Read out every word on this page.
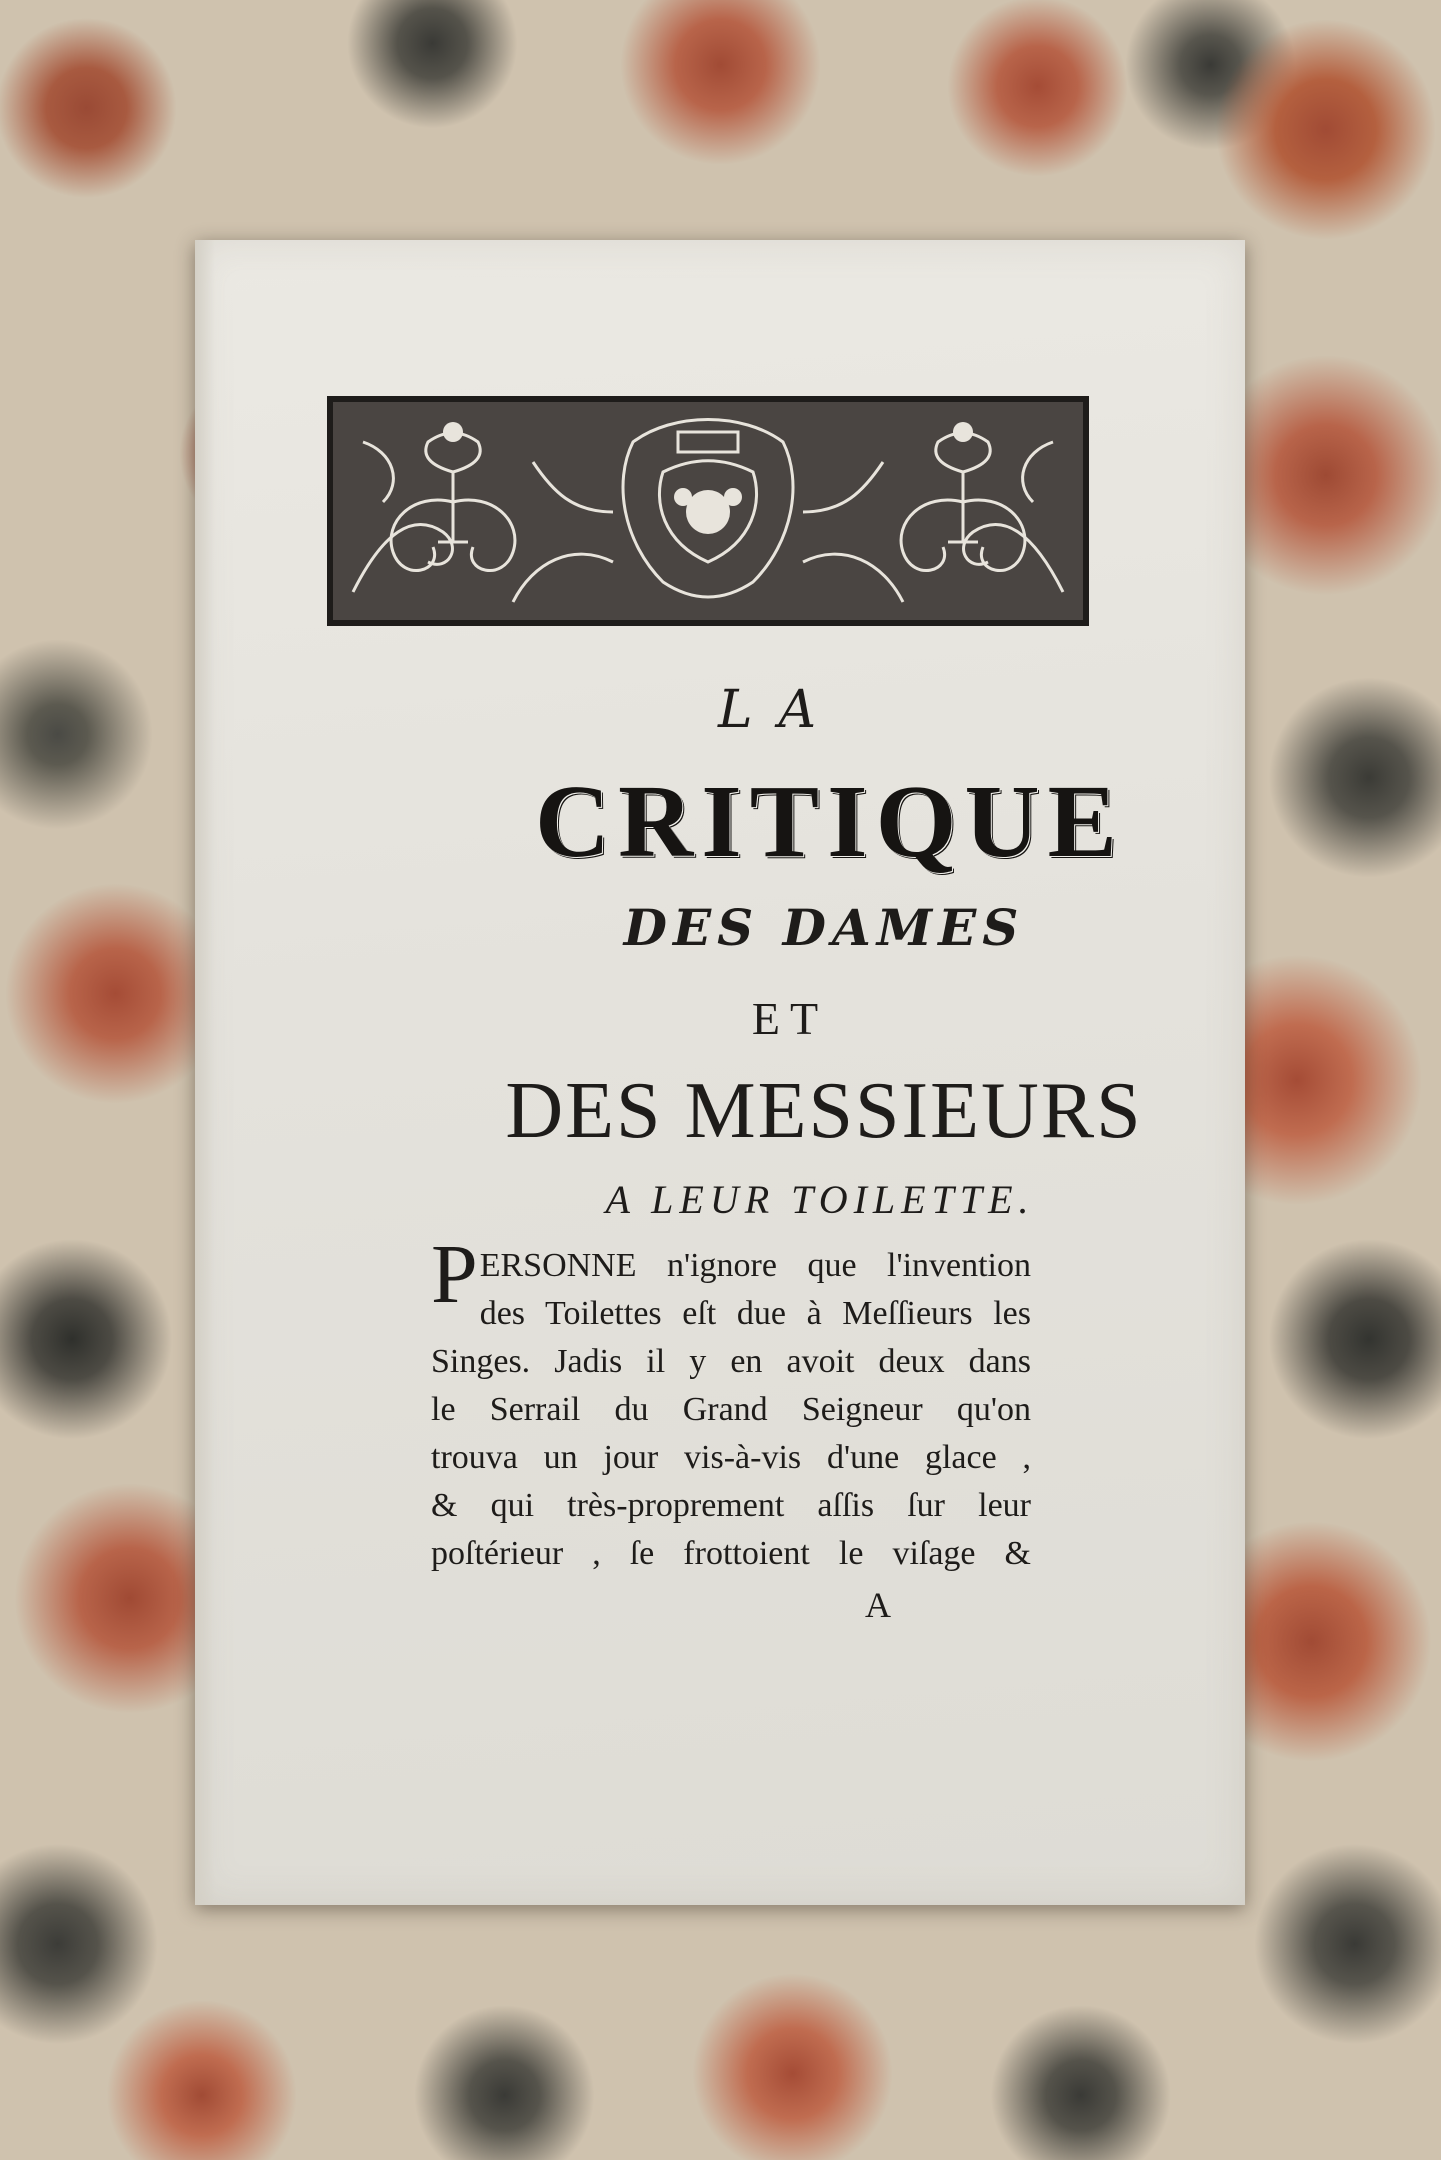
LA
CRITIQUE
DES DAMES
ET
DES MESSIEURS
A LEUR TOILETTE.
PERSONNE n'ignore que l'invention
des Toilettes eſt due à Meſſieurs les
Singes. Jadis il y en avoit deux dans
le Serrail du Grand Seigneur qu'on
trouva un jour vis-à-vis d'une glace ,
& qui très-proprement aſſis ſur leur
poſtérieur , ſe frottoient le viſage &
A
